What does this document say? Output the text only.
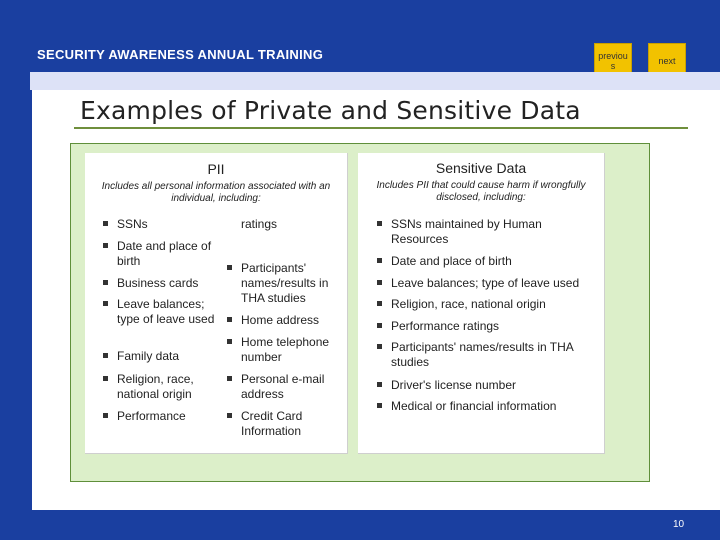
SECURITY AWARENESS ANNUAL TRAINING	previou s	next
Examples of Private and Sensitive Data
PII
Includes all personal information associated with an individual, including:
SSNs
Date and place of birth
Business cards
Leave balances; type of leave used
Family data
Religion, race, national origin
Performance
ratings
Participants' names/results in THA studies
Home address
Home telephone number
Personal e-mail address
Credit Card Information
Sensitive Data
Includes PII that could cause harm if wrongfully disclosed, including:
SSNs maintained by Human Resources
Date and place of birth
Leave balances; type of leave used
Religion, race, national origin
Performance ratings
Participants' names/results in THA studies
Driver's license number
Medical or financial information
10
